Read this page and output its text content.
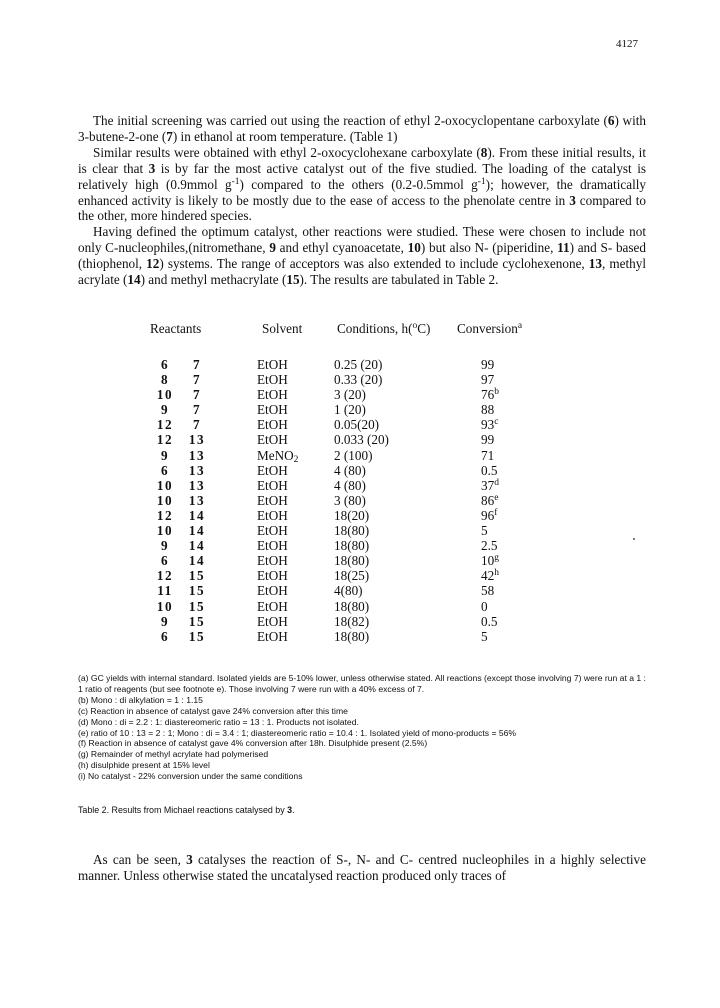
4127

The initial screening was carried out using the reaction of ethyl 2-oxocyclopentane carboxylate (6) with 3-butene-2-one (7) in ethanol at room temperature. (Table 1)

Similar results were obtained with ethyl 2-oxocyclohexane carboxylate (8). From these initial results, it is clear that 3 is by far the most active catalyst out of the five studied. The loading of the catalyst is relatively high (0.9mmol $g^{-1}$) compared to the others (0.2-0.5mmol $g^{-1}$); however, the dramatically enhanced activity is likely to be mostly due to the ease of access to the phenolate centre in 3 compared to the other, more hindered species.

Having defined the optimum catalyst, other reactions were studied. These were chosen to include not only C-nucleophiles,(nitromethane, 9 and ethyl cyanoacetate, 10) but also N- (piperidine, 11) and S- based (thiophenol, 12) systems. The range of acceptors was also extended to include cyclohexenone, 13, methyl acrylate (14) and methyl methacrylate (15). The results are tabulated in Table 2.

Reactants	Solvent	Conditions, h($^o$C) Conversion$^a$
6	7	EtOH	0.25 (20)	99
8	7	EtOH	0.33 (20)	97
10	7	EtOH	3 (20)	76$^b$
9	7	EtOH	1 (20)	88
12	7	EtOH	0.05(20)	93$^c$
12	13	EtOH	0.033 (20)	99
9	13	MeNO$_2$	2 (100)	71
6	13	EtOH	4 (80)	0.5
10	13	EtOH	4 (80)	37$^d$
10	13	EtOH	3 (80)	86e
12	14	EtOH	18(20)	96$^f$
10	14	EtOH	18(80)	5
9	14	EtOH	18(80)	2.5
6	14	EtOH	18(80)	10$^g$
12	15	EtOH	18(25)	42$^h$
11	15	EtOH	4(80)	58
10	15	EtOH	18(80)	0
9	15	EtOH	18(82)	0.5
6	15	EtOH	18(80)	5
(a) GC yields with internal standard. Isolated yields are 5-10% lower, unless otherwise stated. All reactions (except those involving 7) were run at a 1 : 1 ratio of reagents (but see footnote e). Those involving 7 were run with a 40% excess of 7.
(b) Mono : di alkylation = 1 : 1.15
(c) Reaction in absence of catalyst gave 24% conversion after this time
(d) Mono : di = 2.2 : 1: diastereomeric ratio = 13 : 1. Products not isolated.
(e) ratio of 10 : 13 = 2 : 1; Mono : di = 3.4 : 1; diastereomeric ratio = 10.4 : 1. Isolated yield of mono-products = 56%
(f) Reaction in absence of catalyst gave 4% conversion after 18h. Disulphide present (2.5%)
(g) Remainder of methyl acrylate had polymerised
(h) disulphide present at 15% level
(i) No catalyst - 22% conversion under the same conditions
Table 2. Results from Michael reactions catalysed by 3.

As can be seen, 3 catalyses the reaction of S-, N- and C- centred nucleophiles in a highly selective manner. Unless otherwise stated the uncatalysed reaction produced only traces of
